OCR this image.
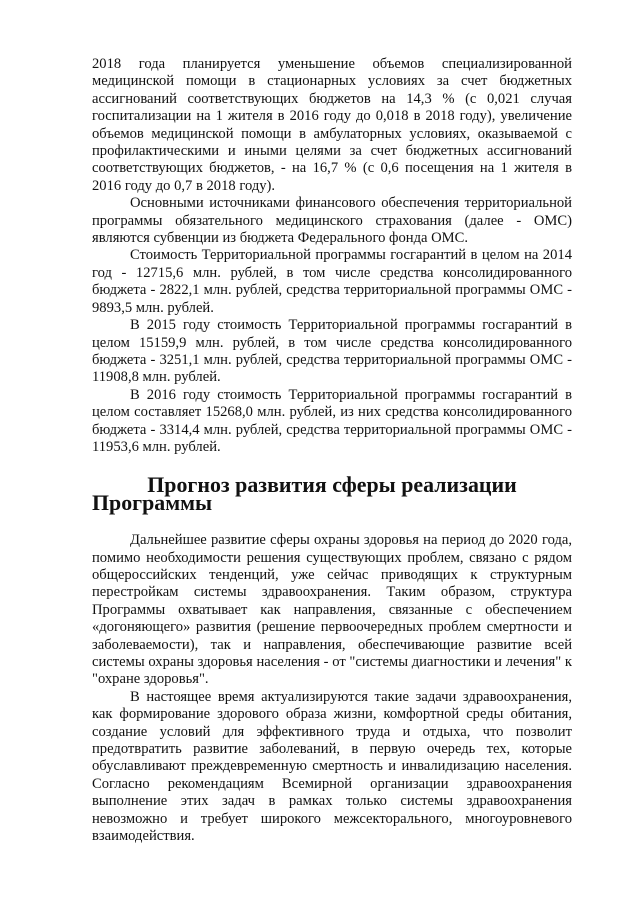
2018 года планируется уменьшение объемов специализированной медицинской помощи в стационарных условиях за счет бюджетных ассигнований соответствующих бюджетов на 14,3 % (с 0,021 случая госпитализации на 1 жителя в 2016 году до 0,018 в 2018 году), увеличение объемов медицинской помощи в амбулаторных условиях, оказываемой с профилактическими и иными целями за счет бюджетных ассигнований соответствующих бюджетов, - на 16,7 % (с 0,6 посещения на 1 жителя в 2016 году до 0,7 в 2018 году).

Основными источниками финансового обеспечения территориальной программы обязательного медицинского страхования (далее - ОМС) являются субвенции из бюджета Федерального фонда ОМС.

Стоимость Территориальной программы госгарантий в целом на 2014 год - 12715,6 млн. рублей, в том числе средства консолидированного бюджета - 2822,1 млн. рублей, средства территориальной программы ОМС - 9893,5 млн. рублей.

В 2015 году стоимость Территориальной программы госгарантий в целом 15159,9 млн. рублей, в том числе средства консолидированного бюджета - 3251,1 млн. рублей, средства территориальной программы ОМС - 11908,8 млн. рублей.

В 2016 году стоимость Территориальной программы госгарантий в целом составляет 15268,0 млн. рублей, из них средства консолидированного бюджета - 3314,4 млн. рублей, средства территориальной программы ОМС - 11953,6 млн. рублей.

Прогноз развития сферы реализации Программы

Дальнейшее развитие сферы охраны здоровья на период до 2020 года, помимо необходимости решения существующих проблем, связано с рядом общероссийских тенденций, уже сейчас приводящих к структурным перестройкам системы здравоохранения. Таким образом, структура Программы охватывает как направления, связанные с обеспечением «догоняющего» развития (решение первоочередных проблем смертности и заболеваемости), так и направления, обеспечивающие развитие всей системы охраны здоровья населения - от "системы диагностики и лечения" к "охране здоровья".

В настоящее время актуализируются такие задачи здравоохранения, как формирование здорового образа жизни, комфортной среды обитания, создание условий для эффективного труда и отдыха, что позволит предотвратить развитие заболеваний, в первую очередь тех, которые обуславливают преждевременную смертность и инвалидизацию населения. Согласно рекомендациям Всемирной организации здравоохранения выполнение этих задач в рамках только системы здравоохранения невозможно и требует широкого межсекторального, многоуровневого взаимодействия.
